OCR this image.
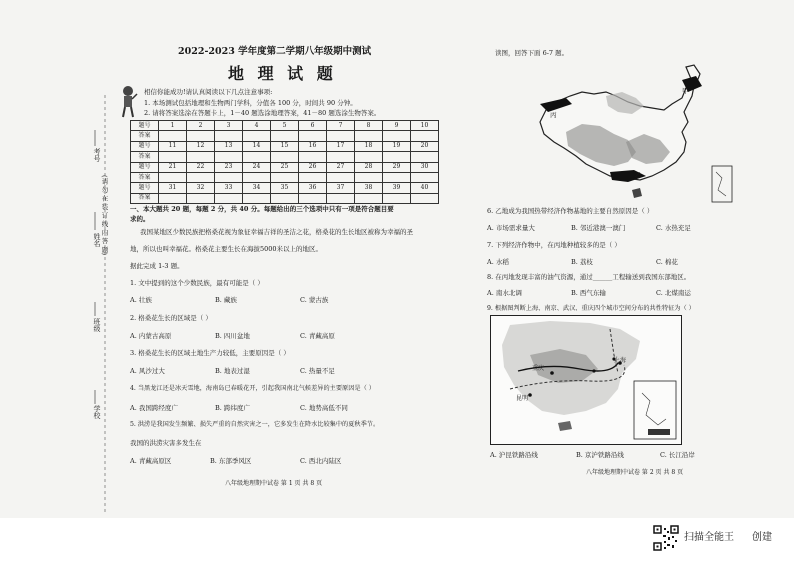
考号
(请 勿 在 装 订 线 内 答 题)
姓名
班级
学校
2022-2023 学年度第二学期八年级期中测试
地 理 试 题
相信你能成功!请认真阅读以下几点注意事项:
1. 本场测试包括地理和生物两门学科，分值各 100 分，时间共 90 分钟。
2. 请将答案选涂在答题卡上，1－40 题选涂地理答案，41－80 题选涂生物答案。
题号	1	2	3	4	5	6	7	8	9	10
答案										
题号	11	12	13	14	15	16	17	18	19	20
答案										
题号	21	22	23	24	25	26	27	28	29	30
答案										
题号	31	32	33	34	35	36	37	38	39	40
答案										
一、本大题共 20 题，每题 2 分，共 40 分。每题给出的三个选项中只有一项是符合题目要
求的。
我国某地区少数民族把格桑花视为象征幸福吉祥的圣洁之花，格桑花的生长地区被称为幸福的圣
地，所以也叫幸福花。格桑花主要生长在海拔5000米以上的地区。
据此完成 1-3 题。
1. 文中提到的这个少数民族，最有可能是（ ）
A. 壮族	B. 藏族	C. 蒙古族
2. 格桑花生长的区域是（ ）
A. 内蒙古高原	B. 四川盆地	C. 青藏高原
3. 格桑花生长的区域土地生产力较低，主要原因是（ ）
A. 风沙过大	B. 地表过湿	C. 热量不足
4. 当黑龙江还是冰天雪地，海南岛已春暖花开，引起我国南北气候差异的主要原因是（ ）
A. 我国跨经度广	B. 跨纬度广	C. 地势高低不同
5. 洪涝是我国发生频繁、损失严重的自然灾害之一，它多发生在降水比较集中的夏秋季节。
我国的洪涝灾害多发生在
A. 青藏高原区	B. 东部季风区	C. 西北内陆区
八年级地理期中试卷 第 1 页 共 8 页
读图，回答下面 6-7 题。
甲
丙
乙
6. 乙地成为我国热带经济作物基地的主要自然原因是（ ）
A. 市场需求量大	B. 邻近港澳一澳门	C. 水热充足
7. 下列经济作物中，在丙地种植较多的是（ ）
A. 水稻	B. 荔枝	C. 棉花
8. 在丙地发现丰富的油气资源，通过______工程输送到我国东部地区。
A. 南水北调	B. 西气东输	C. 北煤南运
9. 根据图判断上海、南京、武汉、重庆四个城市空间分布的共性特征为（ ）
上海
重庆
昆明
A. 沪昆铁路沿线	B. 京沪铁路沿线	C. 长江沿岸
八年级地理期中试卷 第 2 页 共 8 页
扫描全能王 创建
